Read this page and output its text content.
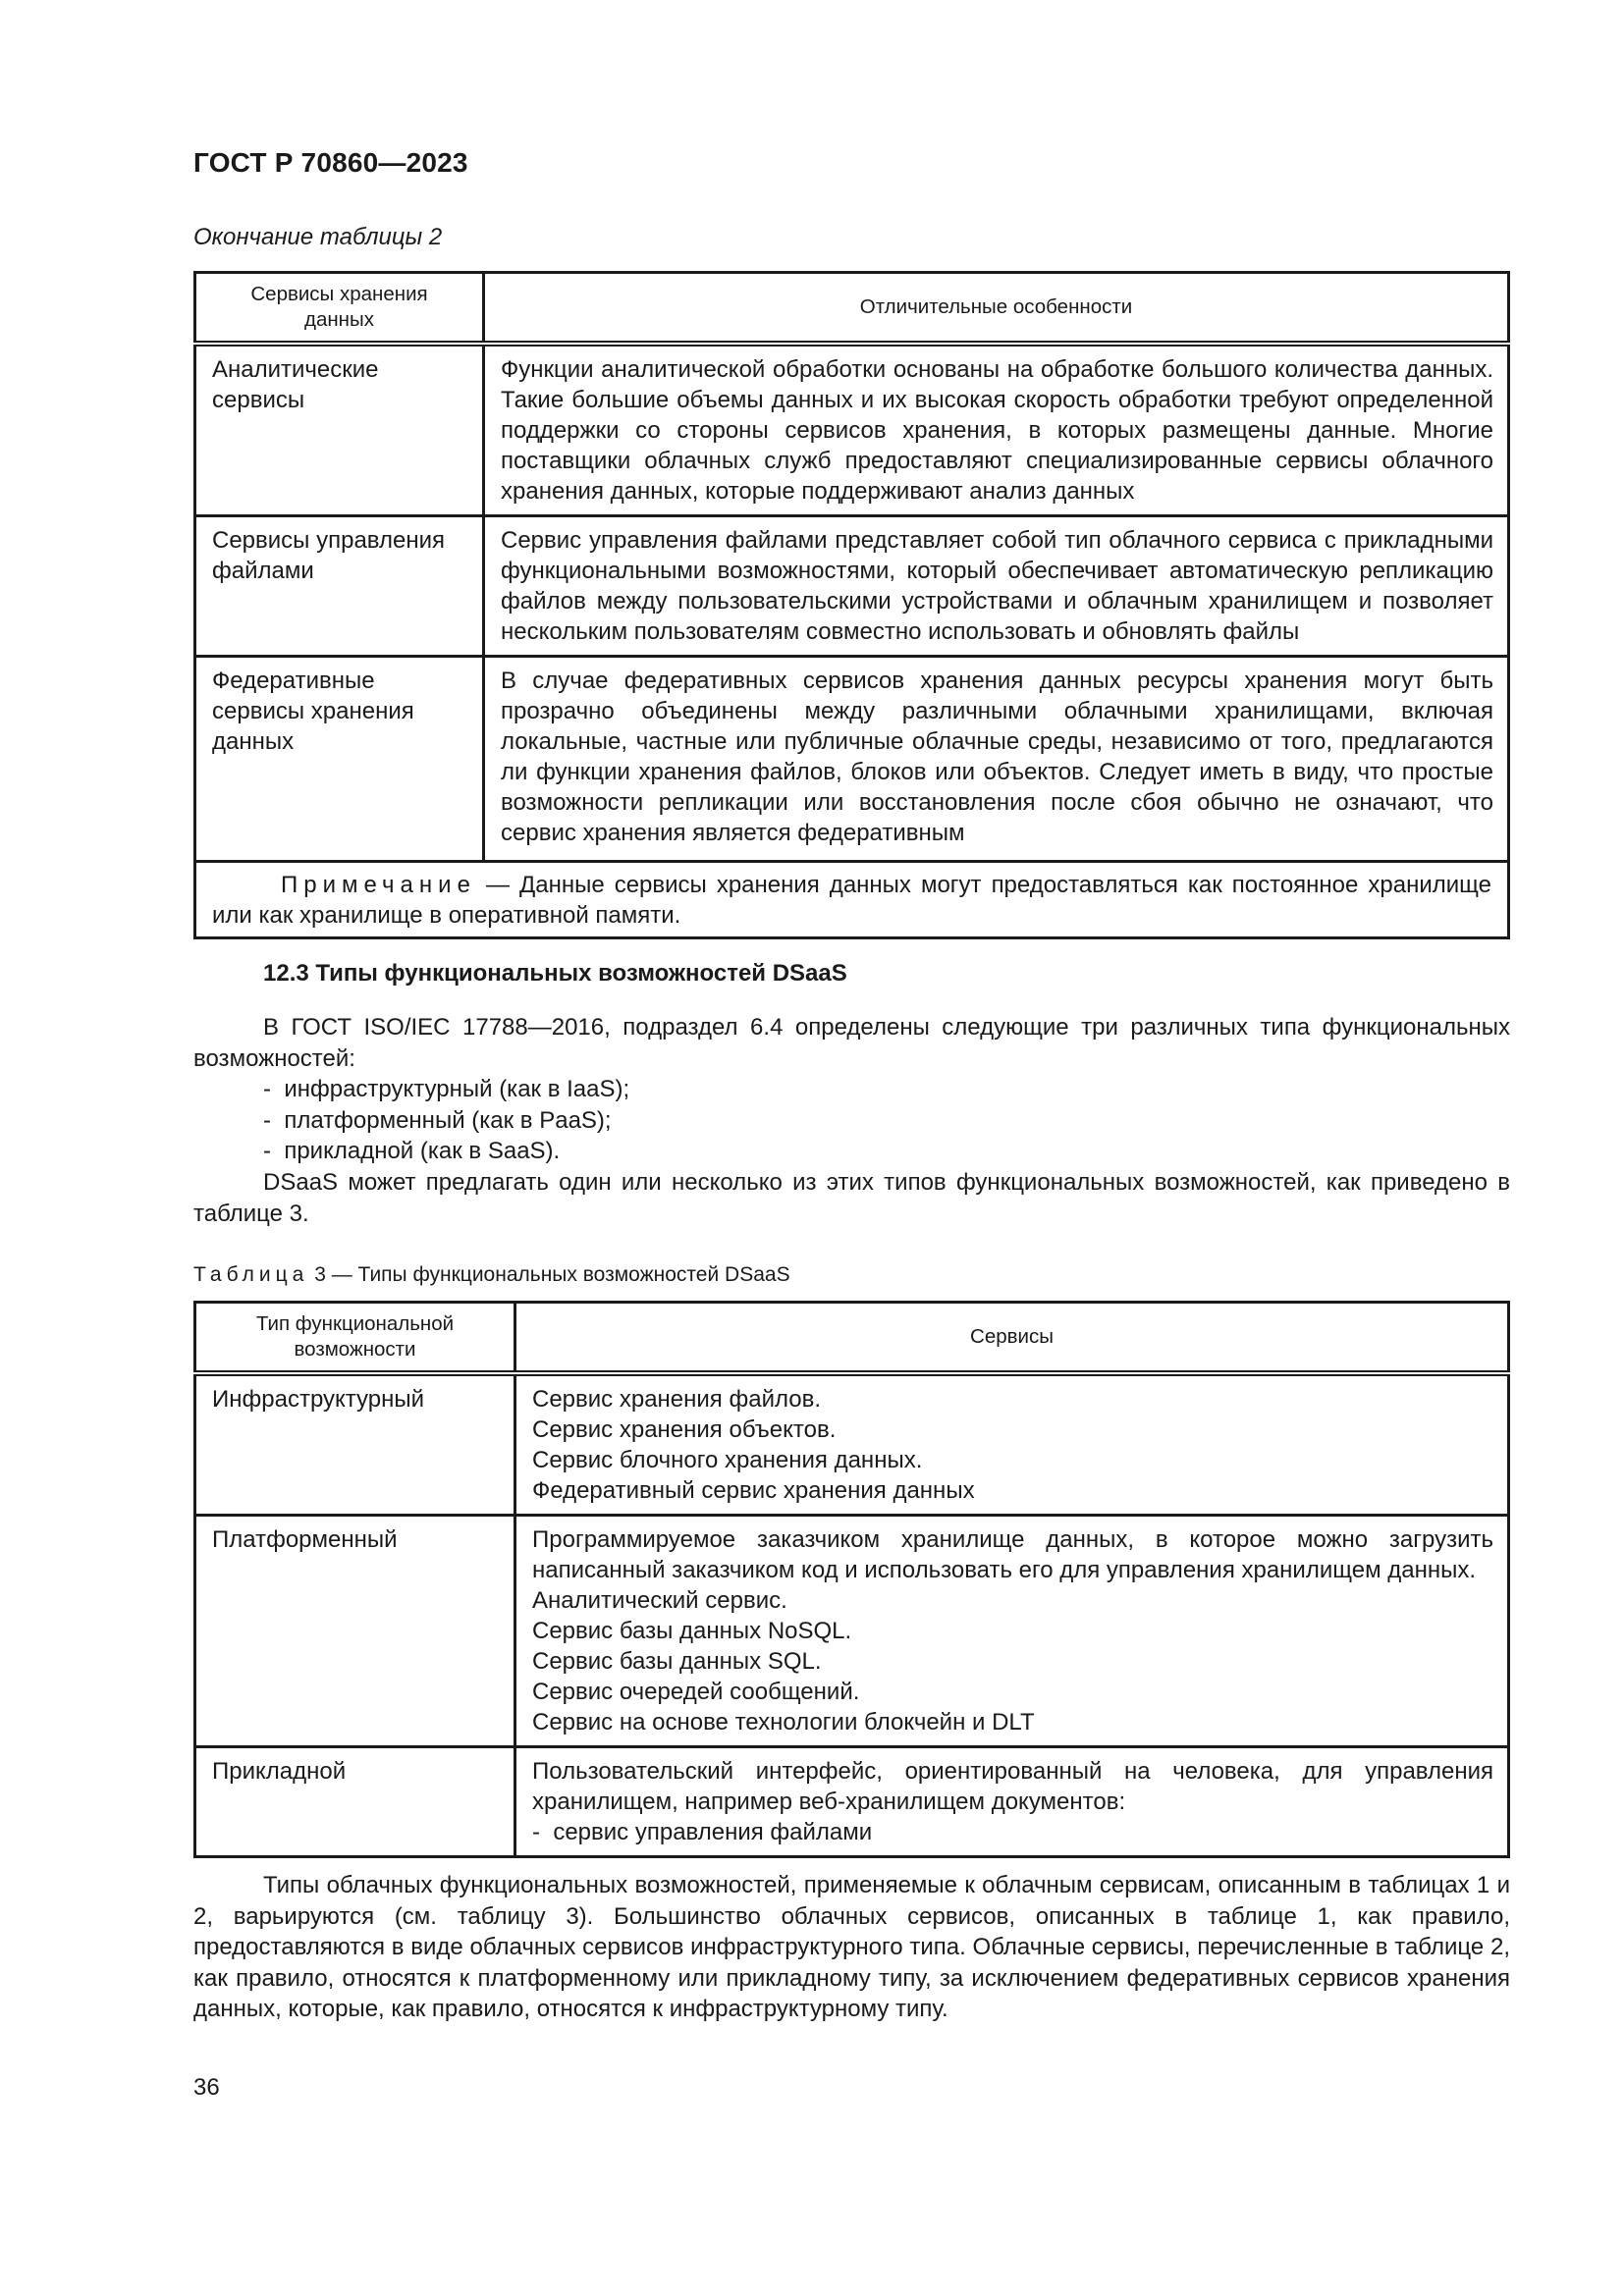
ГОСТ Р 70860—2023
Окончание таблицы 2
Сервисы хранения данных	Отличительные особенности
Аналитические сервисы	Функции аналитической обработки основаны на обработке большого количества данных. Такие большие объемы данных и их высокая скорость обработки требуют определенной поддержки со стороны сервисов хранения, в которых размещены данные. Многие поставщики облачных служб предоставляют специализированные сервисы облачного хранения данных, которые поддерживают анализ данных
Сервисы управления файлами	Сервис управления файлами представляет собой тип облачного сервиса с прикладными функциональными возможностями, который обеспечивает автоматическую репликацию файлов между пользовательскими устройствами и облачным хранилищем и позволяет нескольким пользователям совместно использовать и обновлять файлы
Федеративные сервисы хранения данных	В случае федеративных сервисов хранения данных ресурсы хранения могут быть прозрачно объединены между различными облачными хранилищами, включая локальные, частные или публичные облачные среды, независимо от того, предлагаются ли функции хранения файлов, блоков или объектов. Следует иметь в виду, что простые возможности репликации или восстановления после сбоя обычно не означают, что сервис хранения является федеративным
Примечание — Данные сервисы хранения данных могут предоставляться как постоянное хранилище или как хранилище в оперативной памяти.	
12.3 Типы функциональных возможностей DSaaS
В ГОСТ ISO/IEC 17788—2016, подраздел 6.4 определены следующие три различных типа функциональных возможностей:
-  инфраструктурный (как в IaaS);
-  платформенный (как в PaaS);
-  прикладной (как в SaaS).
DSaaS может предлагать один или несколько из этих типов функциональных возможностей, как приведено в таблице 3.
Таблица 3 — Типы функциональных возможностей DSaaS
Тип функциональной возможности	Сервисы
Инфраструктурный	Сервис хранения файлов.
Сервис хранения объектов.
Сервис блочного хранения данных.
Федеративный сервис хранения данных

Платформенный	Программируемое заказчиком хранилище данных, в которое можно загрузить написанный заказчиком код и использовать его для управления хранилищем данных.
Аналитический сервис.
Сервис базы данных NoSQL.
Сервис базы данных SQL.
Сервис очередей сообщений.
Сервис на основе технологии блокчейн и DLT

Прикладной	Пользовательский интерфейс, ориентированный на человека, для управления хранилищем, например веб-хранилищем документов:
-  сервис управления файлами
Типы облачных функциональных возможностей, применяемые к облачным сервисам, описанным в таблицах 1 и 2, варьируются (см. таблицу 3). Большинство облачных сервисов, описанных в таблице 1, как правило, предоставляются в виде облачных сервисов инфраструктурного типа. Облачные сервисы, перечисленные в таблице 2, как правило, относятся к платформенному или прикладному типу, за исключением федеративных сервисов хранения данных, которые, как правило, относятся к инфраструктурному типу.
36
